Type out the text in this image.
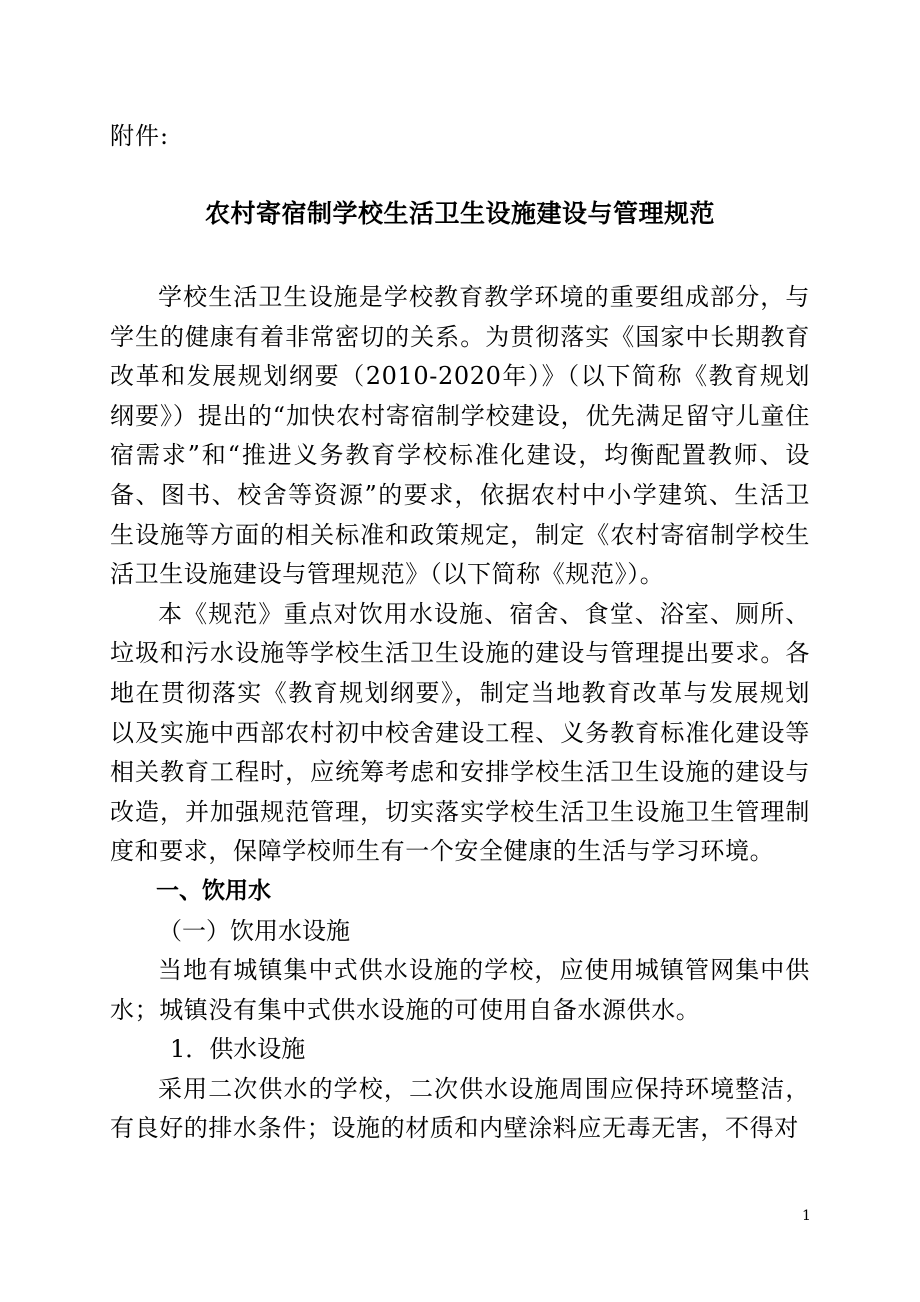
附件:
农村寄宿制学校生活卫生设施建设与管理规范

学校生活卫生设施是学校教育教学环境的重要组成部分，与学生的健康有着非常密切的关系。为贯彻落实《国家中长期教育改革和发展规划纲要（2010-2020年）》（以下简称《教育规划纲要》）提出的“加快农村寄宿制学校建设，优先满足留守儿童住宿需求”和“推进义务教育学校标准化建设，均衡配置教师、设备、图书、校舍等资源”的要求，依据农村中小学建筑、生活卫生设施等方面的相关标准和政策规定，制定《农村寄宿制学校生活卫生设施建设与管理规范》（以下简称《规范》）。

本《规范》重点对饮用水设施、宿舍、食堂、浴室、厕所、垃圾和污水设施等学校生活卫生设施的建设与管理提出要求。各地在贯彻落实《教育规划纲要》，制定当地教育改革与发展规划以及实施中西部农村初中校舍建设工程、义务教育标准化建设等相关教育工程时，应统筹考虑和安排学校生活卫生设施的建设与改造，并加强规范管理，切实落实学校生活卫生设施卫生管理制度和要求，保障学校师生有一个安全健康的生活与学习环境。

一、饮用水

（一）饮用水设施

当地有城镇集中式供水设施的学校，应使用城镇管网集中供水；城镇没有集中式供水设施的可使用自备水源供水。

1．供水设施

采用二次供水的学校，二次供水设施周围应保持环境整洁，有良好的排水条件；设施的材质和内壁涂料应无毒无害，不得对

1
